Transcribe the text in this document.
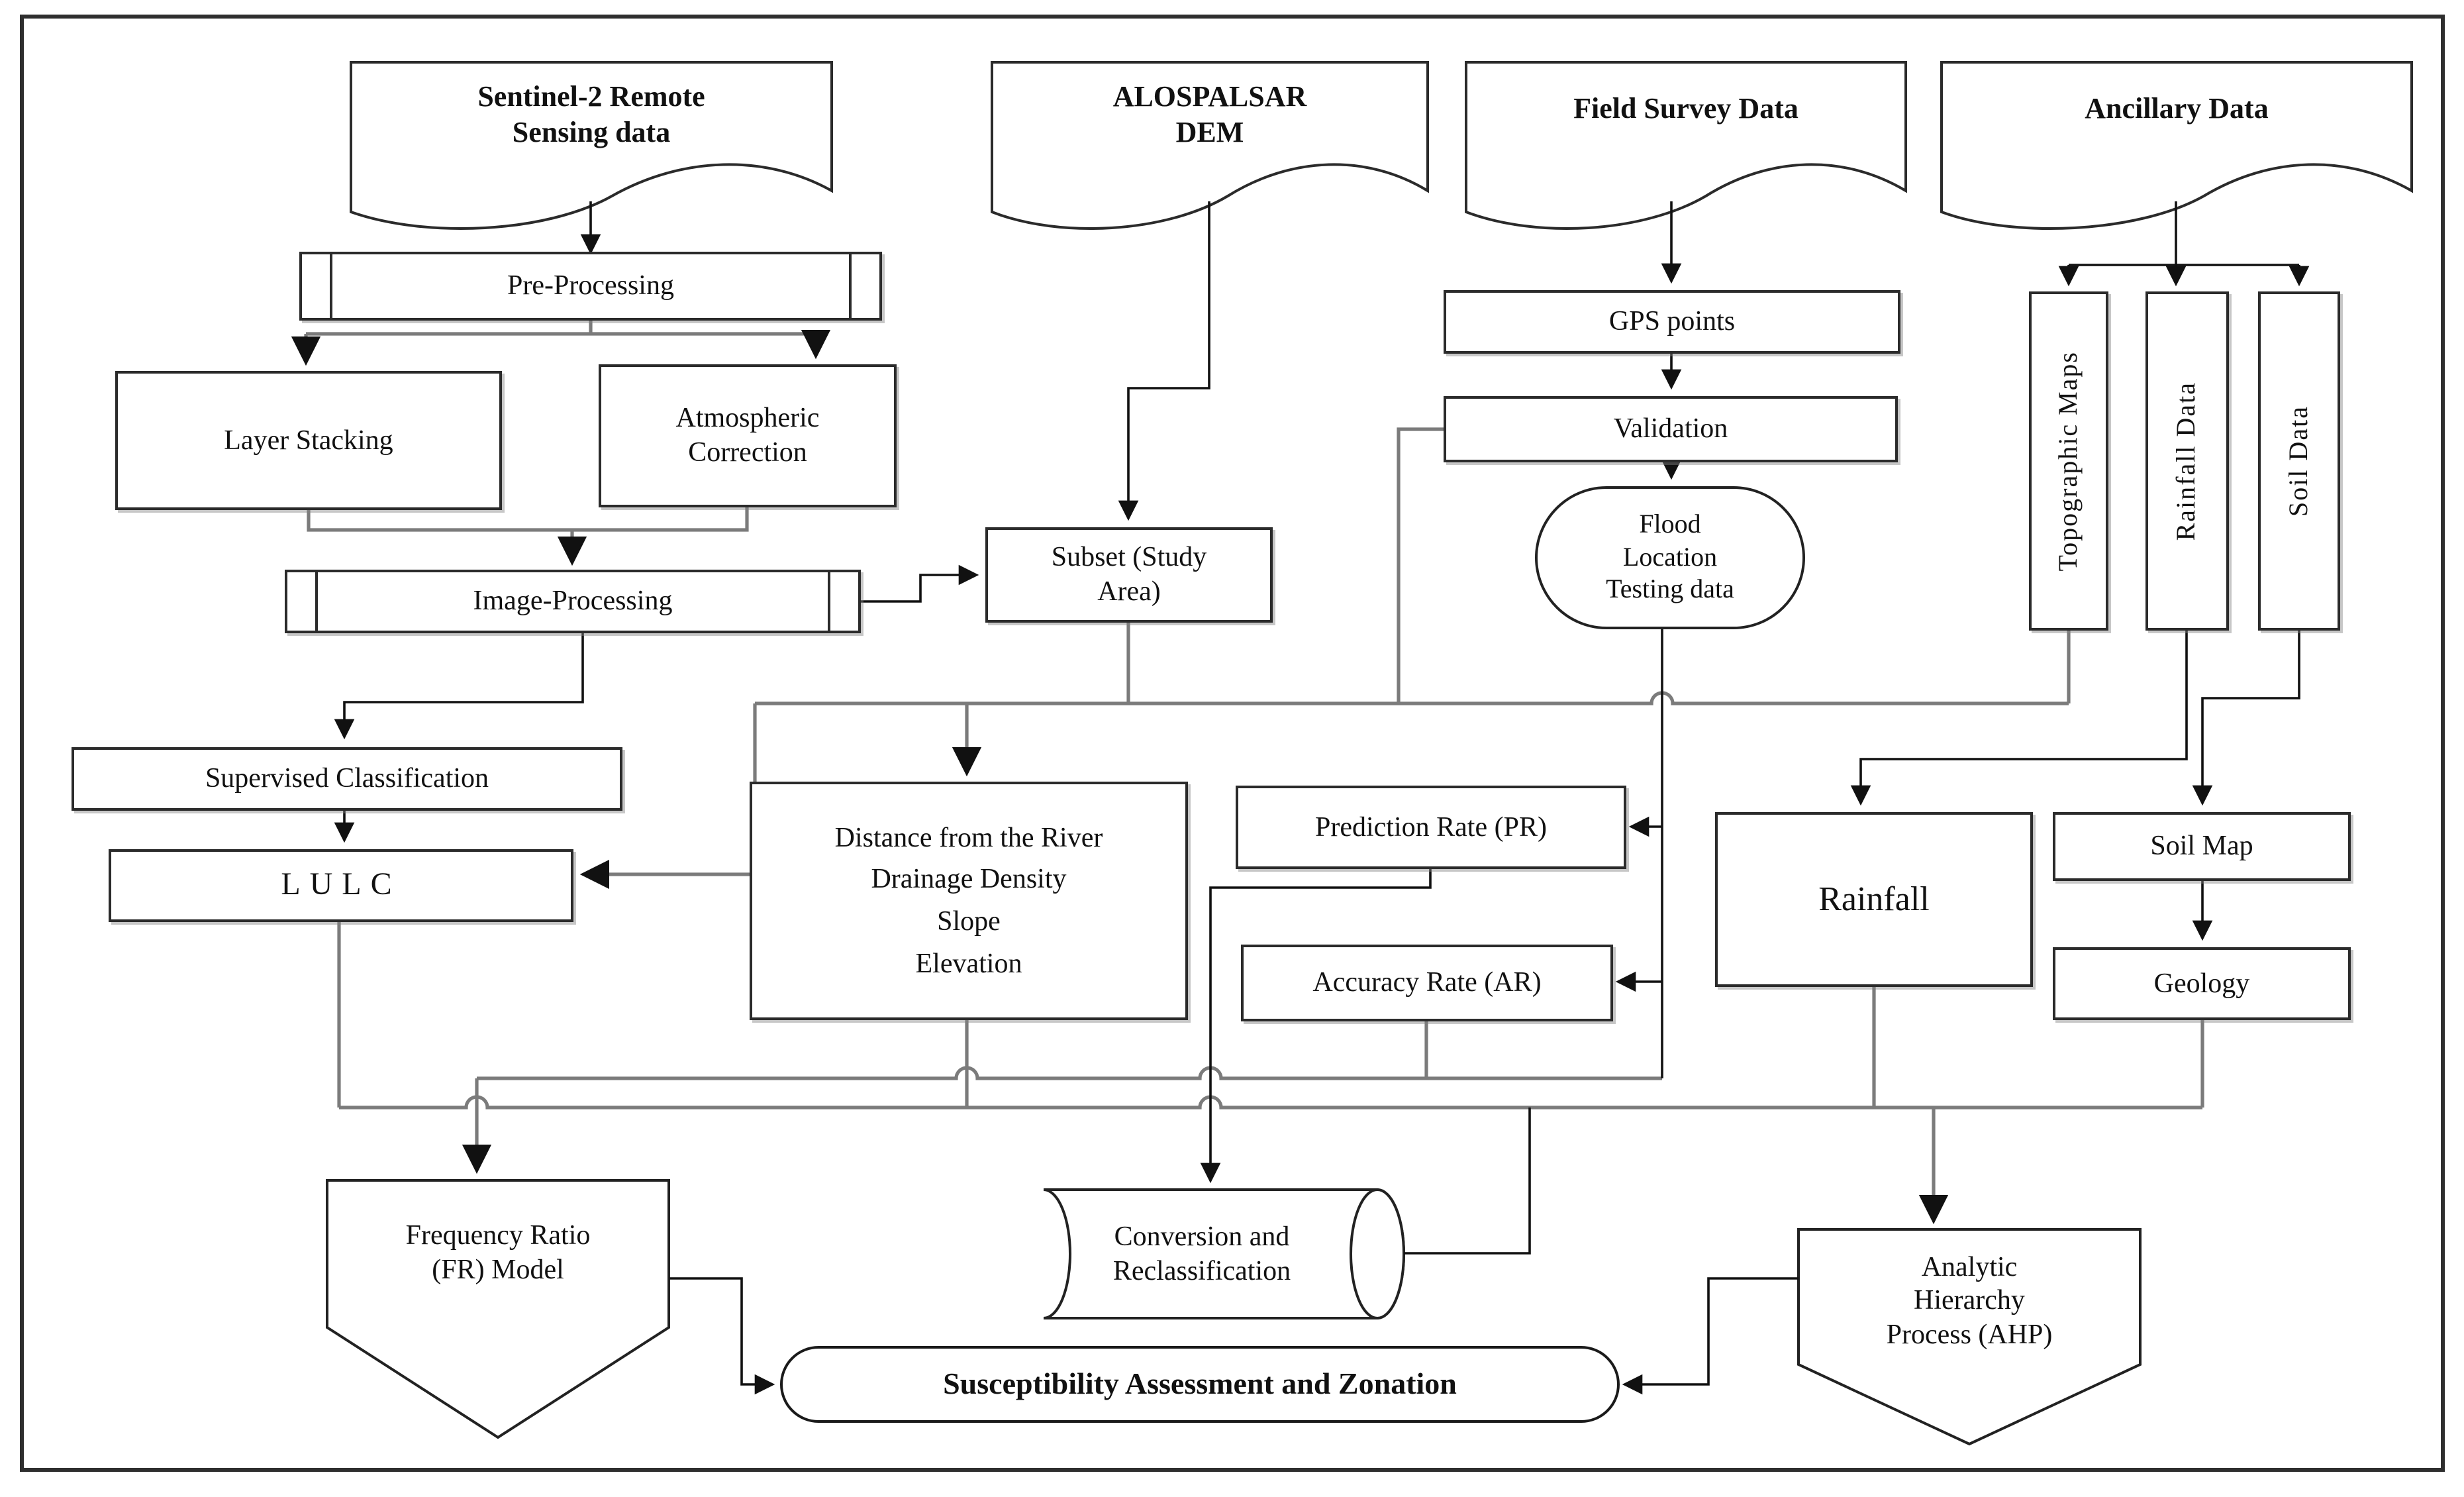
Sentinel-2 Remote
Sensing data
ALOSPALSAR
DEM
Field Survey Data	Ancillary Data
Pre-Processing
Layer Stacking
Atmospheric
Correction
Image-Processing
Supervised Classification
LULC
Subset (Study
Area)
GPS points
Validation
Flood
Location
Testing data
Topographic Maps	Rainfall Data	Soil Data
Distance from the River
Drainage Density
Slope
Elevation
Prediction Rate (PR)
Accuracy Rate (AR)
Rainfall
Soil Map
Geology
Frequency Ratio
(FR) Model
Conversion and
Reclassification	Analytic
Hierarchy
Process (AHP)
Susceptibility Assessment and Zonation
